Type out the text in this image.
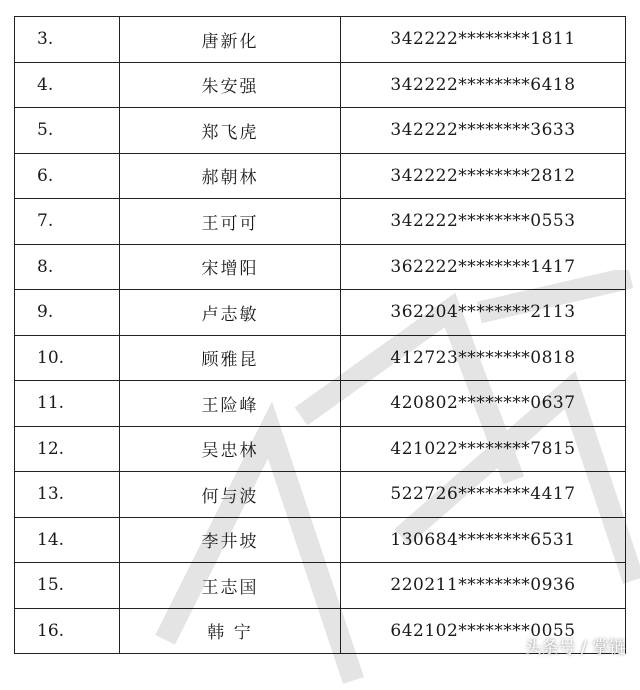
3.	唐新化	342222********1811
4.	朱安强	342222********6418
5.	郑飞虎	342222********3633
6.	郝朝林	342222********2812
7.	王可可	342222********0553
8.	宋增阳	362222********1417
9.	卢志敏	362204********2113
10.	顾雅昆	412723********0818
11.	王险峰	420802********0637
12.	吴忠林	421022********7815
13.	何与波	522726********4417
14.	李井坡	130684********6531
15.	王志国	220211********0936
16.	韩 宁	642102********0055
头条号 / 掌链
